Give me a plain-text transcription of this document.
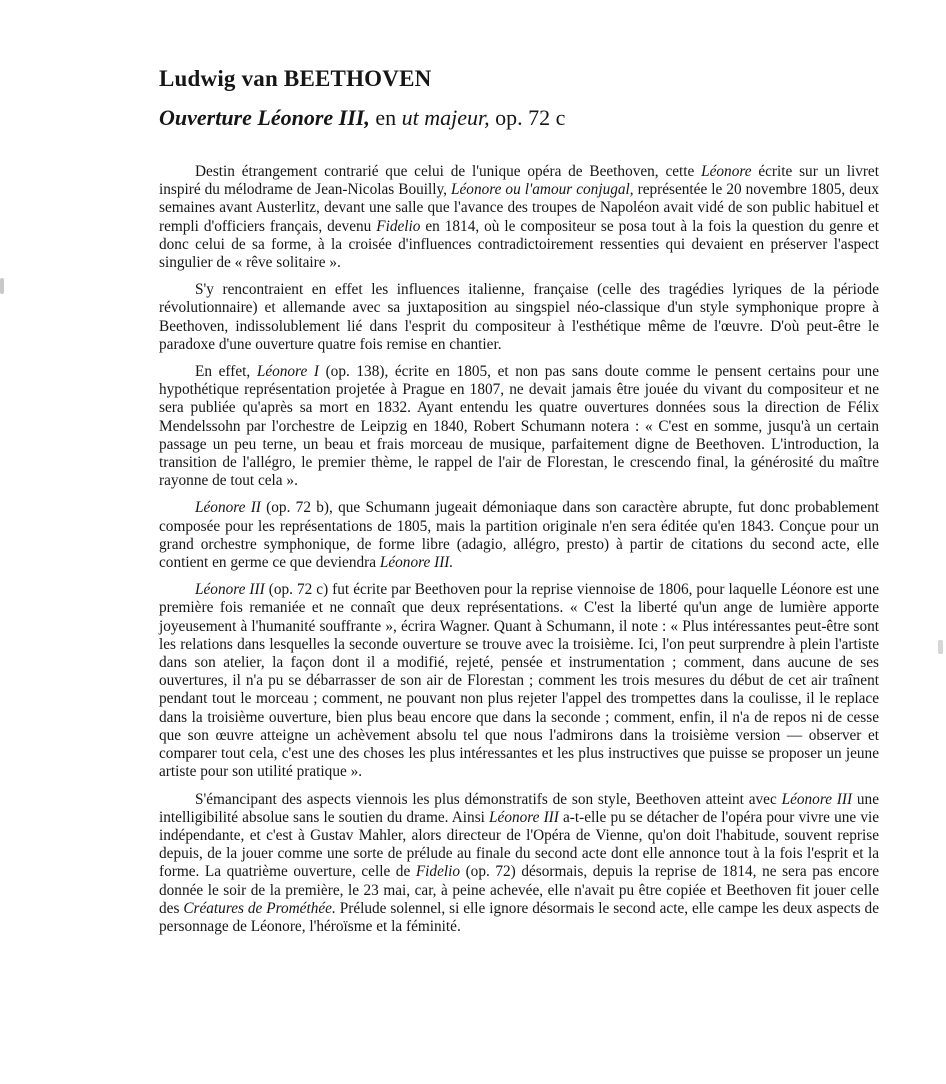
Ludwig van BEETHOVEN
Ouverture Léonore III, en ut majeur, op. 72 c

Destin étrangement contrarié que celui de l'unique opéra de Beethoven, cette Léonore écrite sur un livret inspiré du mélodrame de Jean-Nicolas Bouilly, Léonore ou l'amour conjugal, représentée le 20 novembre 1805, deux semaines avant Austerlitz, devant une salle que l'avance des troupes de Napoléon avait vidé de son public habituel et rempli d'officiers français, devenu Fidelio en 1814, où le compositeur se posa tout à la fois la question du genre et donc celui de sa forme, à la croisée d'influences contradictoirement ressenties qui devaient en préserver l'aspect singulier de « rêve solitaire ».

S'y rencontraient en effet les influences italienne, française (celle des tragédies lyriques de la période révolutionnaire) et allemande avec sa juxtaposition au singspiel néo-classique d'un style symphonique propre à Beethoven, indissolublement lié dans l'esprit du compositeur à l'esthétique même de l'œuvre. D'où peut-être le paradoxe d'une ouverture quatre fois remise en chantier.

En effet, Léonore I (op. 138), écrite en 1805, et non pas sans doute comme le pensent certains pour une hypothétique représentation projetée à Prague en 1807, ne devait jamais être jouée du vivant du compositeur et ne sera publiée qu'après sa mort en 1832. Ayant entendu les quatre ouvertures données sous la direction de Félix Mendelssohn par l'orchestre de Leipzig en 1840, Robert Schumann notera : « C'est en somme, jusqu'à un certain passage un peu terne, un beau et frais morceau de musique, parfaitement digne de Beethoven. L'introduction, la transition de l'allégro, le premier thème, le rappel de l'air de Florestan, le crescendo final, la générosité du maître rayonne de tout cela ».

Léonore II (op. 72 b), que Schumann jugeait démoniaque dans son caractère abrupte, fut donc probablement composée pour les représentations de 1805, mais la partition originale n'en sera éditée qu'en 1843. Conçue pour un grand orchestre symphonique, de forme libre (adagio, allégro, presto) à partir de citations du second acte, elle contient en germe ce que deviendra Léonore III.

Léonore III (op. 72 c) fut écrite par Beethoven pour la reprise viennoise de 1806, pour laquelle Léonore est une première fois remaniée et ne connaît que deux représentations. « C'est la liberté qu'un ange de lumière apporte joyeusement à l'humanité souffrante », écrira Wagner. Quant à Schumann, il note : « Plus intéressantes peut-être sont les relations dans lesquelles la seconde ouverture se trouve avec la troisième. Ici, l'on peut surprendre à plein l'artiste dans son atelier, la façon dont il a modifié, rejeté, pensée et instrumentation ; comment, dans aucune de ses ouvertures, il n'a pu se débarrasser de son air de Florestan ; comment les trois mesures du début de cet air traînent pendant tout le morceau ; comment, ne pouvant non plus rejeter l'appel des trompettes dans la coulisse, il le replace dans la troisième ouverture, bien plus beau encore que dans la seconde ; comment, enfin, il n'a de repos ni de cesse que son œuvre atteigne un achèvement absolu tel que nous l'admirons dans la troisième version — observer et comparer tout cela, c'est une des choses les plus intéressantes et les plus instructives que puisse se proposer un jeune artiste pour son utilité pratique ».

S'émancipant des aspects viennois les plus démonstratifs de son style, Beethoven atteint avec Léonore III une intelligibilité absolue sans le soutien du drame. Ainsi Léonore III a-t-elle pu se détacher de l'opéra pour vivre une vie indépendante, et c'est à Gustav Mahler, alors directeur de l'Opéra de Vienne, qu'on doit l'habitude, souvent reprise depuis, de la jouer comme une sorte de prélude au finale du second acte dont elle annonce tout à la fois l'esprit et la forme. La quatrième ouverture, celle de Fidelio (op. 72) désormais, depuis la reprise de 1814, ne sera pas encore donnée le soir de la première, le 23 mai, car, à peine achevée, elle n'avait pu être copiée et Beethoven fit jouer celle des Créatures de Prométhée. Prélude solennel, si elle ignore désormais le second acte, elle campe les deux aspects de personnage de Léonore, l'héroïsme et la féminité.
